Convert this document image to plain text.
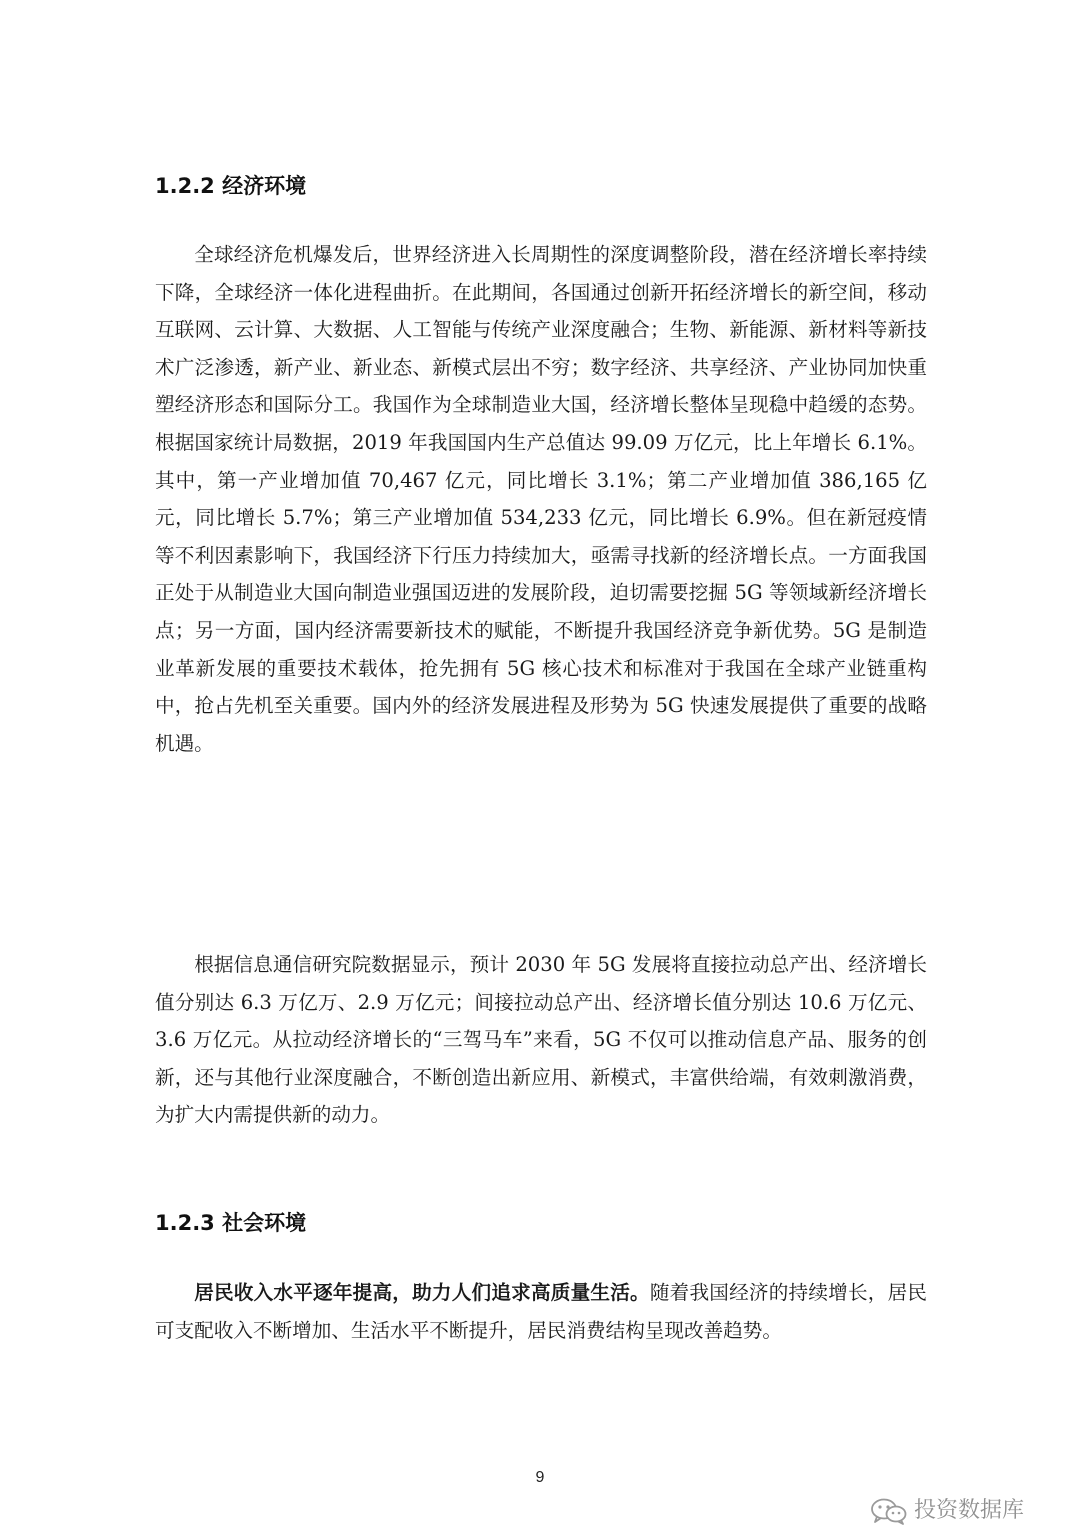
1.2.2 经济环境

全球经济危机爆发后，世界经济进入长周期性的深度调整阶段，潜在经济增长率持续下降，全球经济一体化进程曲折。在此期间，各国通过创新开拓经济增长的新空间，移动互联网、云计算、大数据、人工智能与传统产业深度融合；生物、新能源、新材料等新技术广泛渗透，新产业、新业态、新模式层出不穷；数字经济、共享经济、产业协同加快重塑经济形态和国际分工。我国作为全球制造业大国，经济增长整体呈现稳中趋缓的态势。根据国家统计局数据，2019 年我国国内生产总值达 99.09 万亿元，比上年增长 6.1%。其中，第一产业增加值 70,467 亿元，同比增长 3.1%；第二产业增加值 386,165 亿元，同比增长 5.7%；第三产业增加值 534,233 亿元，同比增长 6.9%。但在新冠疫情等不利因素影响下，我国经济下行压力持续加大，亟需寻找新的经济增长点。一方面我国正处于从制造业大国向制造业强国迈进的发展阶段，迫切需要挖掘 5G 等领域新经济增长点；另一方面，国内经济需要新技术的赋能，不断提升我国经济竞争新优势。5G 是制造业革新发展的重要技术载体，抢先拥有 5G 核心技术和标准对于我国在全球产业链重构中，抢占先机至关重要。国内外的经济发展进程及形势为 5G 快速发展提供了重要的战略机遇。

根据信息通信研究院数据显示，预计 2030 年 5G 发展将直接拉动总产出、经济增长值分别达 6.3 万亿万、2.9 万亿元；间接拉动总产出、经济增长值分别达 10.6 万亿元、3.6 万亿元。从拉动经济增长的“三驾马车”来看，5G 不仅可以推动信息产品、服务的创新，还与其他行业深度融合，不断创造出新应用、新模式，丰富供给端，有效刺激消费，为扩大内需提供新的动力。

1.2.3 社会环境

居民收入水平逐年提高，助力人们追求高质量生活。随着我国经济的持续增长，居民可支配收入不断增加、生活水平不断提升，居民消费结构呈现改善趋势。

9
投资数据库
